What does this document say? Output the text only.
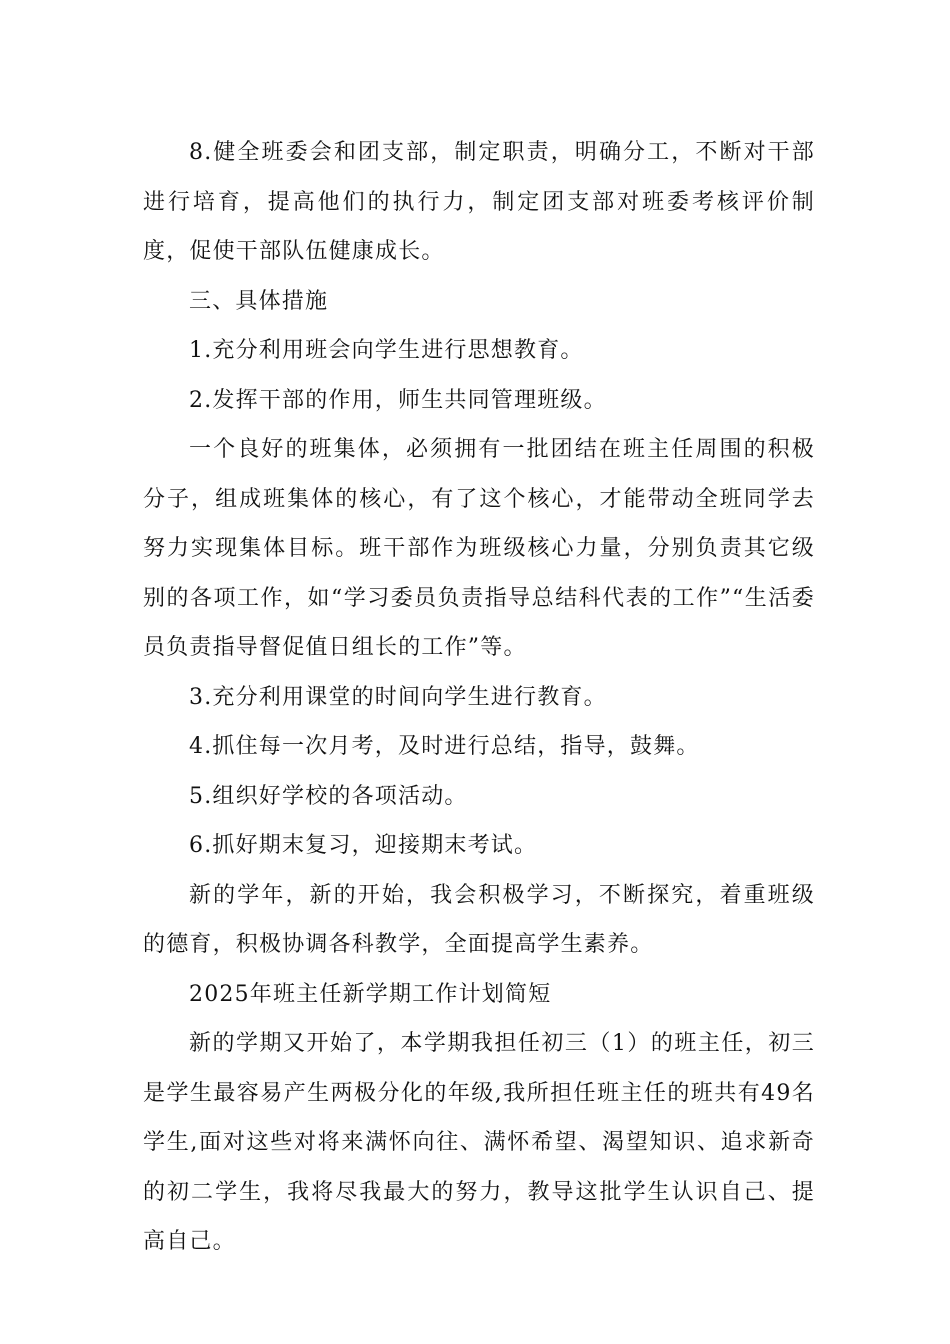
8.健全班委会和团支部，制定职责，明确分工，不断对干部进行培育，提高他们的执行力，制定团支部对班委考核评价制度，促使干部队伍健康成长。

三、具体措施

1.充分利用班会向学生进行思想教育。

2.发挥干部的作用，师生共同管理班级。

一个良好的班集体，必须拥有一批团结在班主任周围的积极分子，组成班集体的核心，有了这个核心，才能带动全班同学去努力实现集体目标。班干部作为班级核心力量，分别负责其它级别的各项工作，如“学习委员负责指导总结科代表的工作”“生活委员负责指导督促值日组长的工作”等。

3.充分利用课堂的时间向学生进行教育。

4.抓住每一次月考，及时进行总结，指导，鼓舞。

5.组织好学校的各项活动。

6.抓好期末复习，迎接期末考试。

新的学年，新的开始，我会积极学习，不断探究，着重班级的德育，积极协调各科教学，全面提高学生素养。

2025年班主任新学期工作计划简短

新的学期又开始了，本学期我担任初三（1）的班主任，初三是学生最容易产生两极分化的年级,我所担任班主任的班共有49名学生,面对这些对将来满怀向往、满怀希望、渴望知识、追求新奇的初二学生，我将尽我最大的努力，教导这批学生认识自己、提高自己。
